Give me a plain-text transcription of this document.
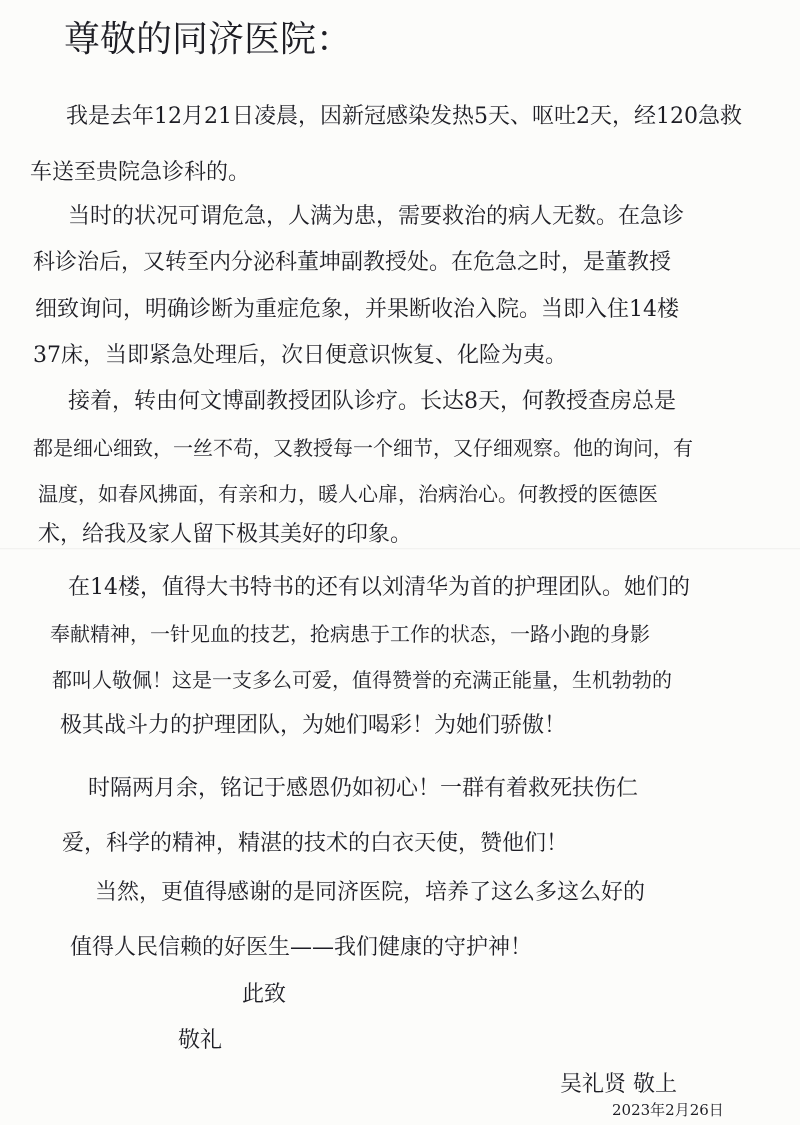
尊敬的同济医院：
我是去年12月21日凌晨，因新冠感染发热5天、呕吐2天，经120急救
车送至贵院急诊科的。
当时的状况可谓危急，人满为患，需要救治的病人无数。在急诊
科诊治后，又转至内分泌科董坤副教授处。在危急之时，是董教授
细致询问，明确诊断为重症危象，并果断收治入院。当即入住14楼
37床，当即紧急处理后，次日便意识恢复、化险为夷。
接着，转由何文博副教授团队诊疗。长达8天，何教授查房总是
都是细心细致，一丝不苟，又教授每一个细节，又仔细观察。他的询问，有
温度，如春风拂面，有亲和力，暖人心扉，治病治心。何教授的医德医
术，给我及家人留下极其美好的印象。
在14楼，值得大书特书的还有以刘清华为首的护理团队。她们的
奉献精神，一针见血的技艺，抢病患于工作的状态，一路小跑的身影
都叫人敬佩！这是一支多么可爱，值得赞誉的充满正能量，生机勃勃的
极其战斗力的护理团队，为她们喝彩！为她们骄傲！
时隔两月余，铭记于感恩仍如初心！一群有着救死扶伤仁
爱，科学的精神，精湛的技术的白衣天使，赞他们！
当然，更值得感谢的是同济医院，培养了这么多这么好的
值得人民信赖的好医生——我们健康的守护神！
此致
敬礼
吴礼贤 敬上
2023年2月26日
